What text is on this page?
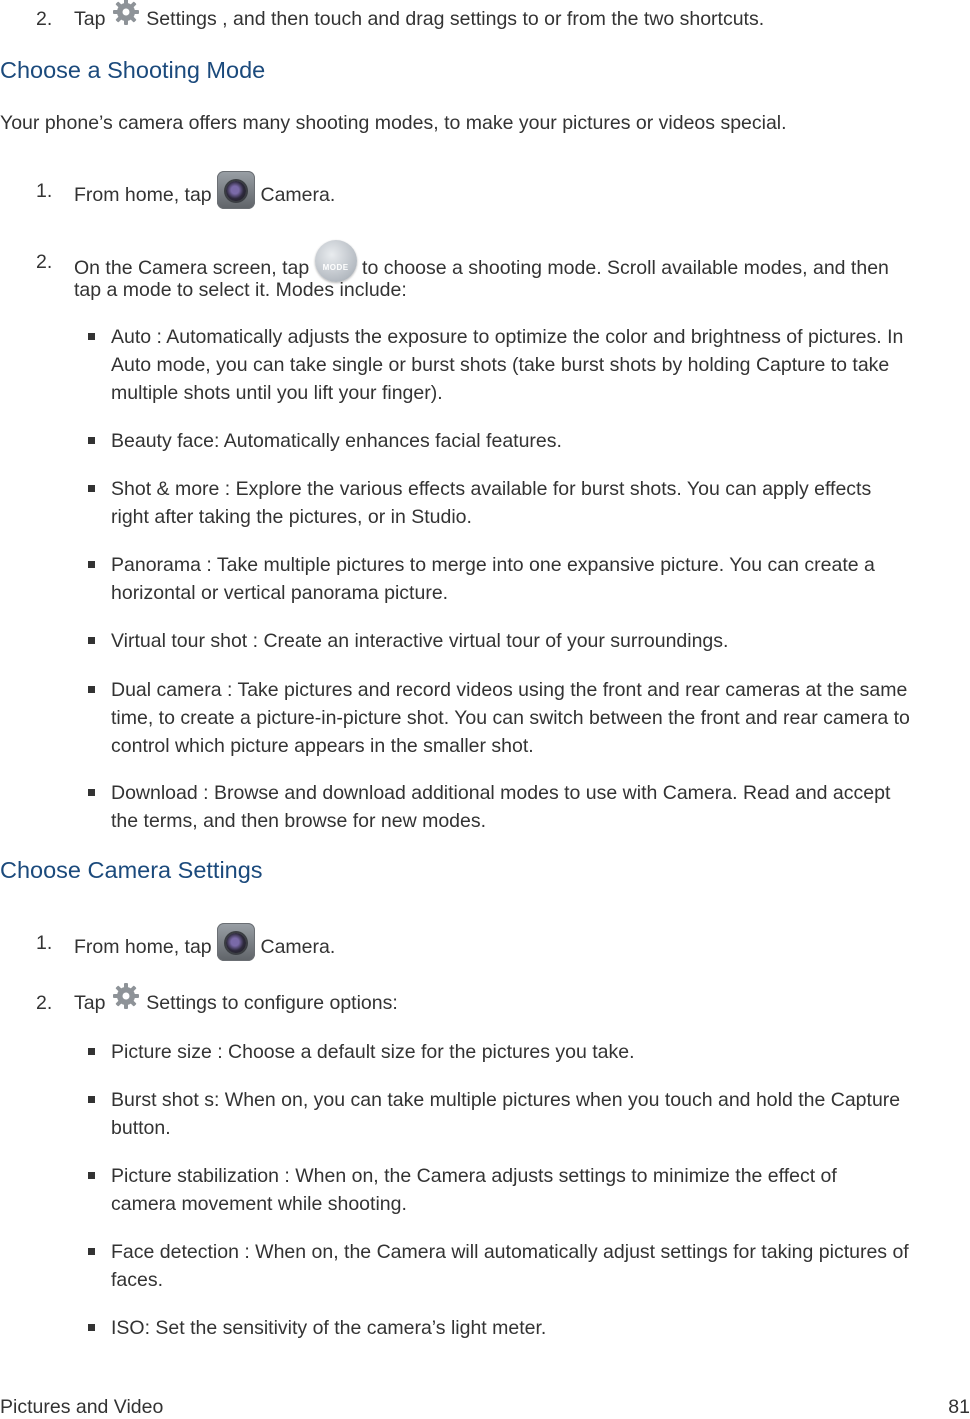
2. Tap Settings , and then touch and drag settings to or from the two shortcuts.
Choose a Shooting Mode
Your phone’s camera offers many shooting modes, to make your pictures or videos special.
1. From home, tap	Camera.
2. On the Camera screen, tap	MODE to choose a shooting mode. Scroll available modes, and then
tap a mode to select it. Modes include:
Auto : Automatically adjusts the exposure to optimize the color and brightness of pictures. In
Auto mode, you can take single or burst shots (take burst shots by holding Capture to take
multiple shots until you lift your finger).
Beauty face: Automatically enhances facial features.
Shot & more : Explore the various effects available for burst shots. You can apply effects
right after taking the pictures, or in Studio.
Panorama : Take multiple pictures to merge into one expansive picture. You can create a
horizontal or vertical panorama picture.
Virtual tour shot : Create an interactive virtual tour of your surroundings.
Dual camera : Take pictures and record videos using the front and rear cameras at the same
time, to create a picture-in-picture shot. You can switch between the front and rear camera to
control which picture appears in the smaller shot.
Download : Browse and download additional modes to use with Camera. Read and accept
the terms, and then browse for new modes.
Choose Camera Settings
1. From home, tap	Camera.
2. Tap Settings to configure options:
Picture size : Choose a default size for the pictures you take.
Burst shot s: When on, you can take multiple pictures when you touch and hold the Capture
button.
Picture stabilization : When on, the Camera adjusts settings to minimize the effect of
camera movement while shooting.
Face detection : When on, the Camera will automatically adjust settings for taking pictures of
faces.
ISO: Set the sensitivity of the camera’s light meter.
Pictures and Video	81
